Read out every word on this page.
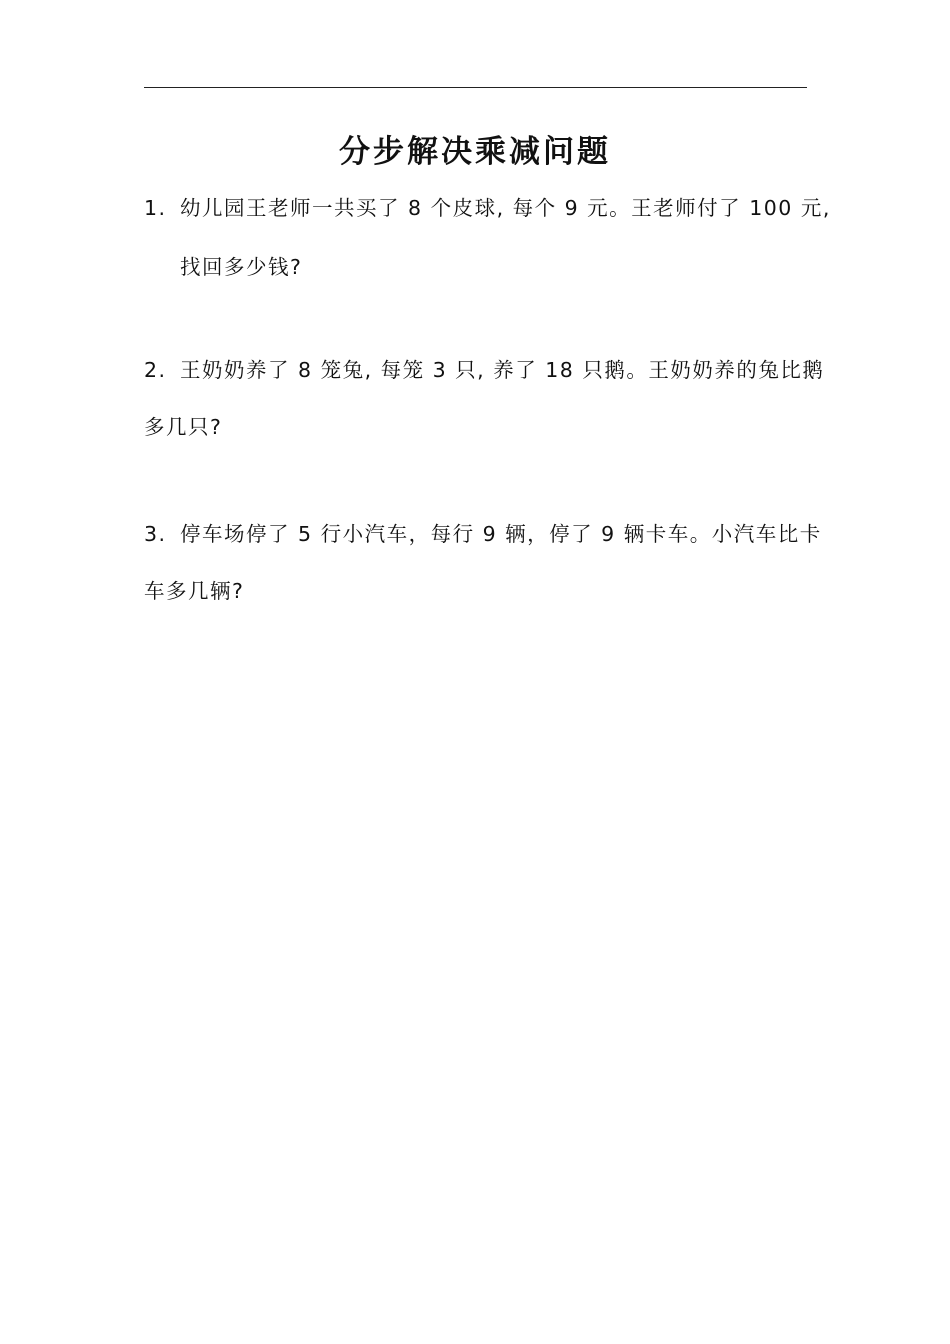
分步解决乘减问题
1. 幼儿园王老师一共买了 8 个皮球, 每个 9 元。王老师付了 100 元,
找回多少钱?
2. 王奶奶养了 8 笼兔, 每笼 3 只, 养了 18 只鹅。王奶奶养的兔比鹅
多几只?
3. 停车场停了 5 行小汽车，每行 9 辆，停了 9 辆卡车。小汽车比卡
车多几辆?
